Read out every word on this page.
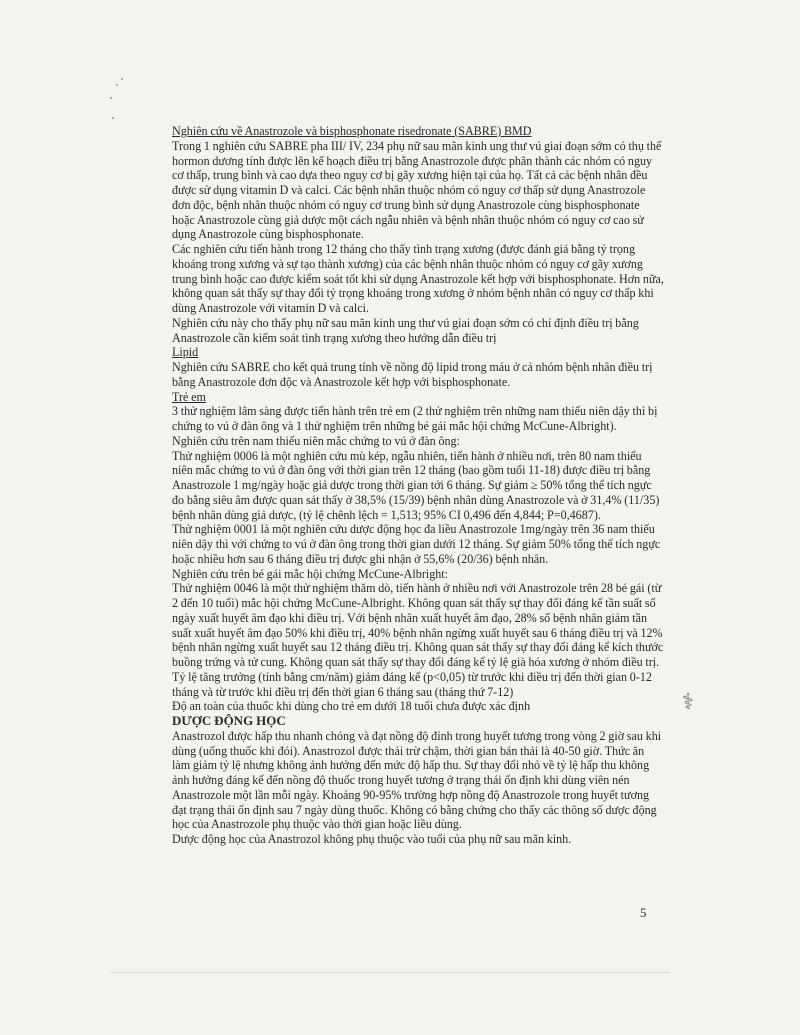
Nghiên cứu về Anastrozole và bisphosphonate risedronate (SABRE) BMD

Trong 1 nghiên cứu SABRE pha III/ IV, 234 phụ nữ sau mãn kinh ung thư vú giai đoạn sớm có thụ thể hormon dương tính được lên kế hoạch điều trị bằng Anastrozole được phân thành các nhóm có nguy cơ thấp, trung bình và cao dựa theo nguy cơ bị gãy xương hiện tại của họ. Tất cả các bệnh nhân đều được sử dụng vitamin D và calci. Các bệnh nhân thuộc nhóm có nguy cơ thấp sử dụng Anastrozole đơn độc, bệnh nhân thuộc nhóm có nguy cơ trung bình sử dụng Anastrozole cùng bisphosphonate hoặc Anastrozole cùng giả dược một cách ngẫu nhiên và bệnh nhân thuộc nhóm có nguy cơ cao sử dụng Anastrozole cùng bisphosphonate.

Các nghiên cứu tiến hành trong 12 tháng cho thấy tình trạng xương (được đánh giá bằng tỷ trọng khoáng trong xương và sự tạo thành xương) của các bệnh nhân thuộc nhóm có nguy cơ gãy xương trung bình hoặc cao được kiểm soát tốt khi sử dụng Anastrozole kết hợp với bisphosphonate. Hơn nữa, không quan sát thấy sự thay đổi tỷ trọng khoáng trong xương ở nhóm bệnh nhân có nguy cơ thấp khi dùng Anastrozole với vitamin D và calci.

Nghiên cứu này cho thấy phụ nữ sau mãn kinh ung thư vú giai đoạn sớm có chỉ định điều trị bằng Anastrozole cần kiểm soát tình trạng xương theo hướng dẫn điều trị

Lipid

Nghiên cứu SABRE cho kết quả trung tính về nồng độ lipid trong máu ở cả nhóm bệnh nhân điều trị bằng Anastrozole đơn độc và Anastrozole kết hợp với bisphosphonate.

Trẻ em

3 thử nghiệm lâm sàng được tiến hành trên trẻ em (2 thử nghiệm trên những nam thiếu niên dậy thì bị chứng to vú ở đàn ông và 1 thử nghiệm trên những bé gái mắc hội chứng McCune-Albright).

Nghiên cứu trên nam thiếu niên mắc chứng to vú ở đàn ông:

Thử nghiệm 0006 là một nghiên cứu mù kép, ngẫu nhiên, tiến hành ở nhiều nơi, trên 80 nam thiếu niên mắc chứng to vú ở đàn ông với thời gian trên 12 tháng (bao gồm tuổi 11-18) được điều trị bằng Anastrozole 1 mg/ngày hoặc giả dược trong thời gian tới 6 tháng. Sự giảm ≥ 50% tổng thể tích ngực đo bằng siêu âm được quan sát thấy ở 38,5% (15/39) bệnh nhân dùng Anastrozole và ở 31,4% (11/35) bệnh nhân dùng giả dược, (tỷ lệ chênh lệch = 1,513; 95% CI 0,496 đến 4,844; P=0,4687).

Thử nghiệm 0001 là một nghiên cứu dược động học đa liều Anastrozole 1mg/ngày trên 36 nam thiếu niên dậy thì với chứng to vú ở đàn ông trong thời gian dưới 12 tháng. Sự giảm 50% tổng thể tích ngực hoặc nhiều hơn sau 6 tháng điều trị được ghi nhận ở 55,6% (20/36) bệnh nhân.

Nghiên cứu trên bé gái mắc hội chứng McCune-Albright:

Thử nghiệm 0046 là một thử nghiệm thăm dò, tiến hành ở nhiều nơi với Anastrozole trên 28 bé gái (từ 2 đến 10 tuổi) mắc hội chứng McCune-Albright. Không quan sát thấy sự thay đổi đáng kể tần suất số ngày xuất huyết âm đạo khi điều trị. Với bệnh nhân xuất huyết âm đạo, 28% số bệnh nhân giảm tần suất xuất huyết âm đạo 50% khi điều trị, 40% bệnh nhân ngừng xuất huyết sau 6 tháng điều trị và 12% bệnh nhân ngừng xuất huyết sau 12 tháng điều trị. Không quan sát thấy sự thay đổi đáng kể kích thước buồng trứng và tử cung. Không quan sát thấy sự thay đổi đáng kể tỷ lệ già hóa xương ở nhóm điều trị. Tỷ lệ tăng trưởng (tính bằng cm/năm) giảm đáng kể (p<0,05) từ trước khi điều trị đến thời gian 0-12 tháng và từ trước khi điều trị đến thời gian 6 tháng sau (tháng thứ 7-12)

Độ an toàn của thuốc khi dùng cho trẻ em dưới 18 tuổi chưa được xác định

DƯỢC ĐỘNG HỌC

Anastrozol được hấp thu nhanh chóng và đạt nồng độ đỉnh trong huyết tương trong vòng 2 giờ sau khi dùng (uống thuốc khi đói). Anastrozol được thải trừ chậm, thời gian bán thải là 40-50 giờ. Thức ăn làm giảm tỷ lệ nhưng không ảnh hưởng đến mức độ hấp thu. Sự thay đổi nhỏ về tỷ lệ hấp thu không ảnh hưởng đáng kể đến nồng độ thuốc trong huyết tương ở trạng thái ổn định khi dùng viên nén Anastrozole một lần mỗi ngày. Khoảng 90-95% trường hợp nồng độ Anastrozole trong huyết tương đạt trạng thái ổn định sau 7 ngày dùng thuốc. Không có bằng chứng cho thấy các thông số dược động học của Anastrozole phụ thuộc vào thời gian hoặc liều dùng.

Dược động học của Anastrozol không phụ thuộc vào tuổi của phụ nữ sau mãn kinh.

⚕
5
